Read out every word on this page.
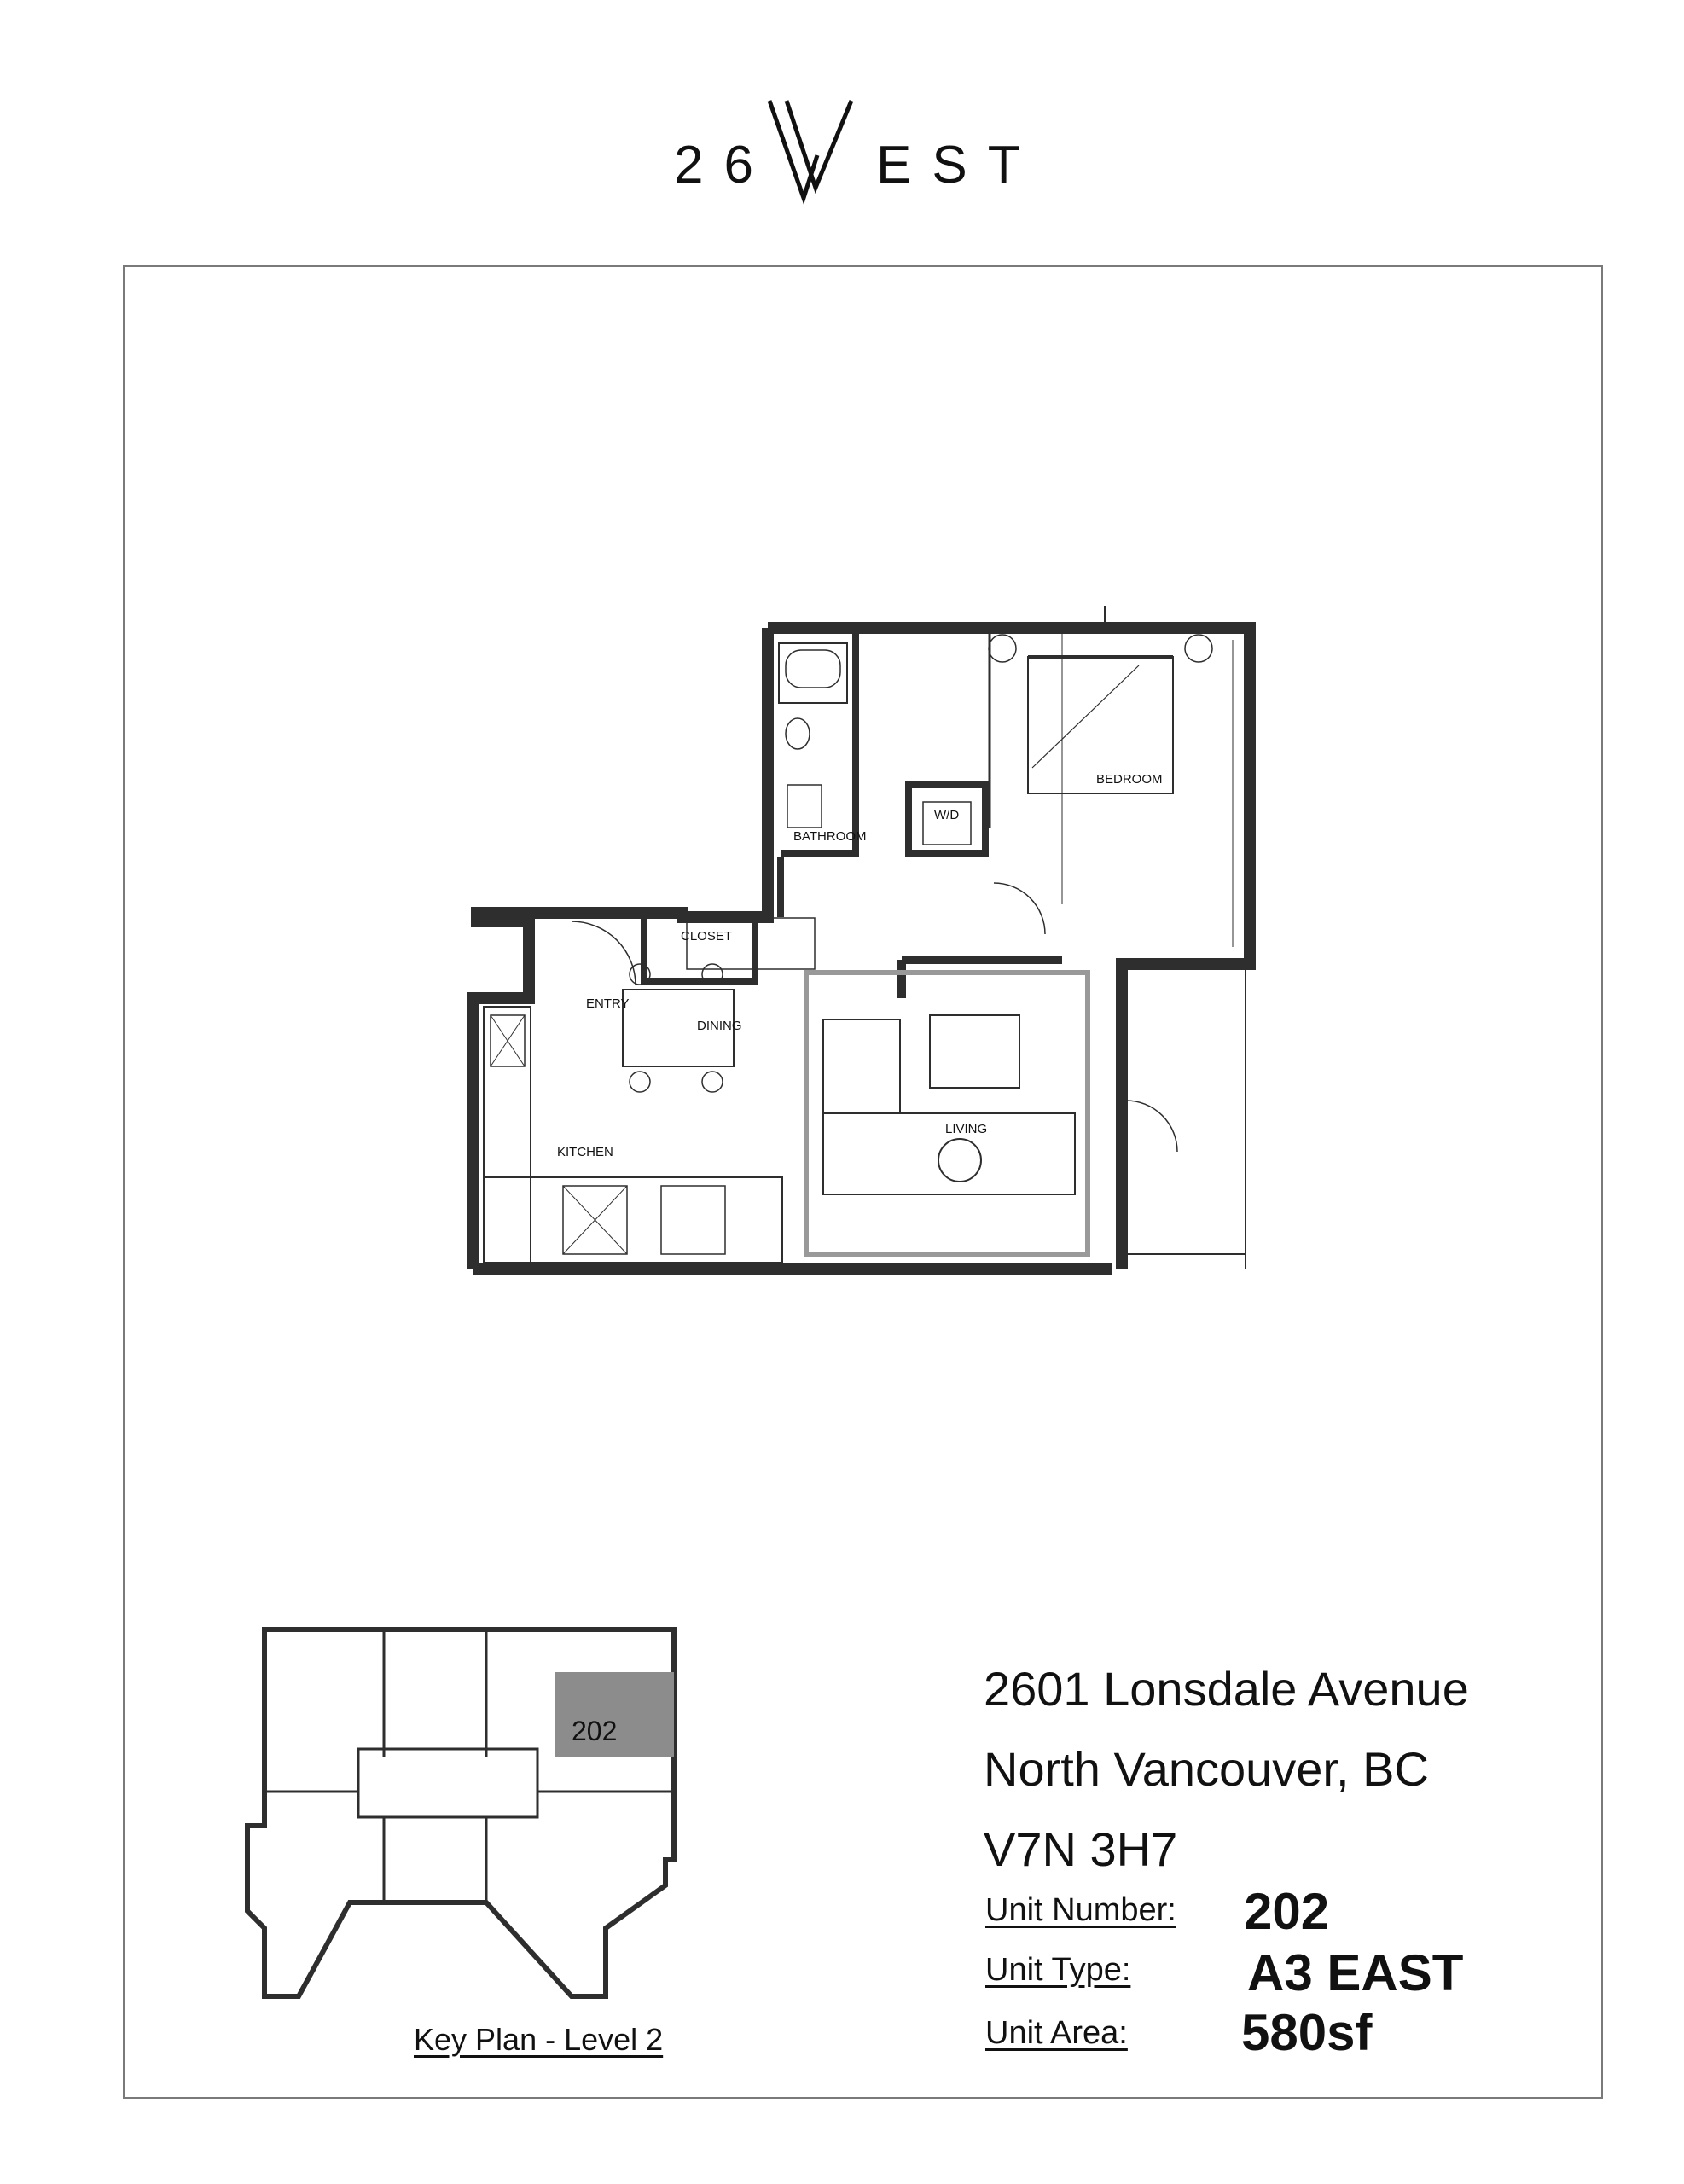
26 EST
BEDROOM
BATHROOM
W/D
CLOSET
ENTRY
DINING
KITCHEN
LIVING
202
Key Plan - Level 2
2601 Lonsdale Avenue
North Vancouver, BC
V7N 3H7
Unit Number: 202
Unit Type: A3 EAST
Unit Area: 580sf
